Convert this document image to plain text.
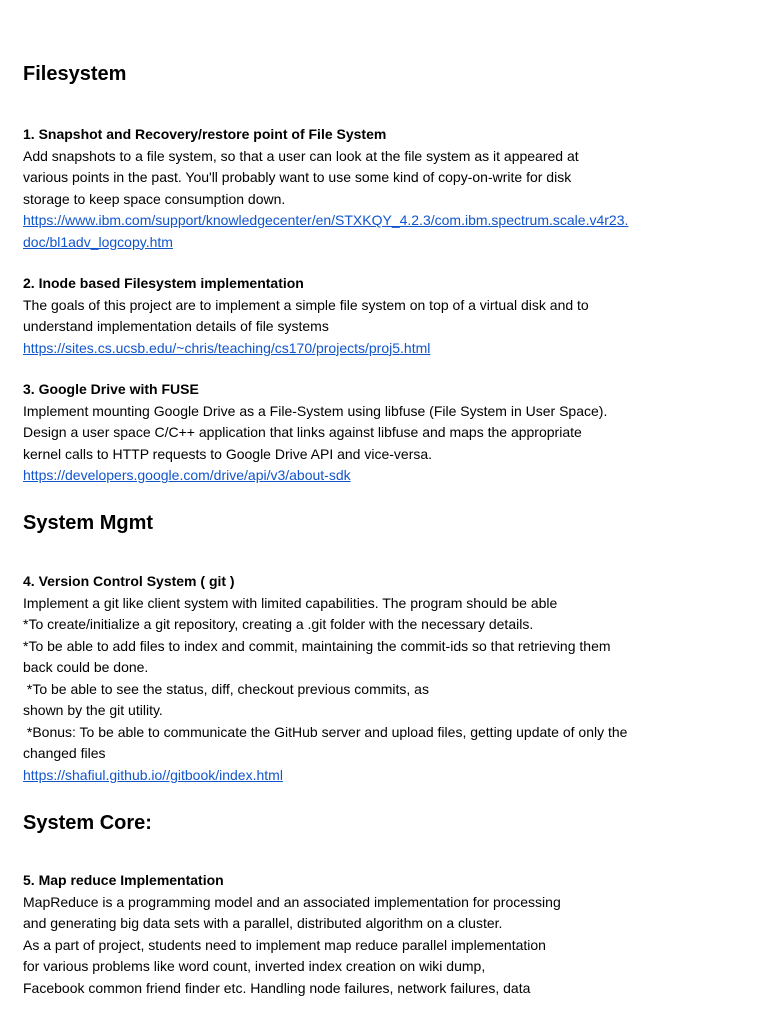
Filesystem
1. Snapshot and Recovery/restore point of File System
Add snapshots to a file system, so that a user can look at the file system as it appeared at
various points in the past. You'll probably want to use some kind of copy-on-write for disk
storage to keep space consumption down.
https://www.ibm.com/support/knowledgecenter/en/STXKQY_4.2.3/com.ibm.spectrum.scale.v4r23.
doc/bl1adv_logcopy.htm
2. Inode based Filesystem implementation
The goals of this project are to implement a simple file system on top of a virtual disk and to
understand implementation details of file systems
https://sites.cs.ucsb.edu/~chris/teaching/cs170/projects/proj5.html
3. Google Drive with FUSE
Implement mounting Google Drive as a File-System using libfuse (File System in User Space).
Design a user space C/C++ application that links against libfuse and maps the appropriate
kernel calls to HTTP requests to Google Drive API and vice-versa.
https://developers.google.com/drive/api/v3/about-sdk
System Mgmt
4. Version Control System ( git )
Implement a git like client system with limited capabilities. The program should be able
*To create/initialize a git repository, creating a .git folder with the necessary details.
*To be able to add files to index and commit, maintaining the commit-ids so that retrieving them
back could be done.
*To be able to see the status, diff, checkout previous commits, as
shown by the git utility.
*Bonus: To be able to communicate the GitHub server and upload files, getting update of only the
changed files
https://shafiul.github.io//gitbook/index.html
System Core:
5. Map reduce Implementation
MapReduce is a programming model and an associated implementation for processing
and generating big data sets with a parallel, distributed algorithm on a cluster.
As a part of project, students need to implement map reduce parallel implementation
for various problems like word count, inverted index creation on wiki dump,
Facebook common friend finder etc. Handling node failures, network failures, data
